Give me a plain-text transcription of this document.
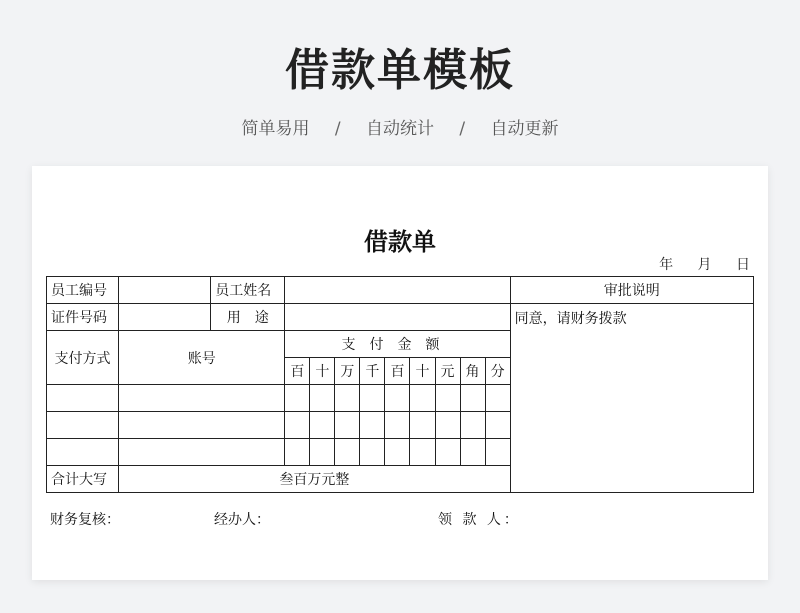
借款单模板
简单易用 / 自动统计 / 自动更新
借款单
年 月 日
员工编号		员工姓名										审批说明
证件号码		用　途										同意，请财务拨款
支付方式	账号		支付金额									
			百	十	万	千	百	十	元	角	分	

合计大写	叁百万元整											
财务复核：	经办人：	领 款 人：
